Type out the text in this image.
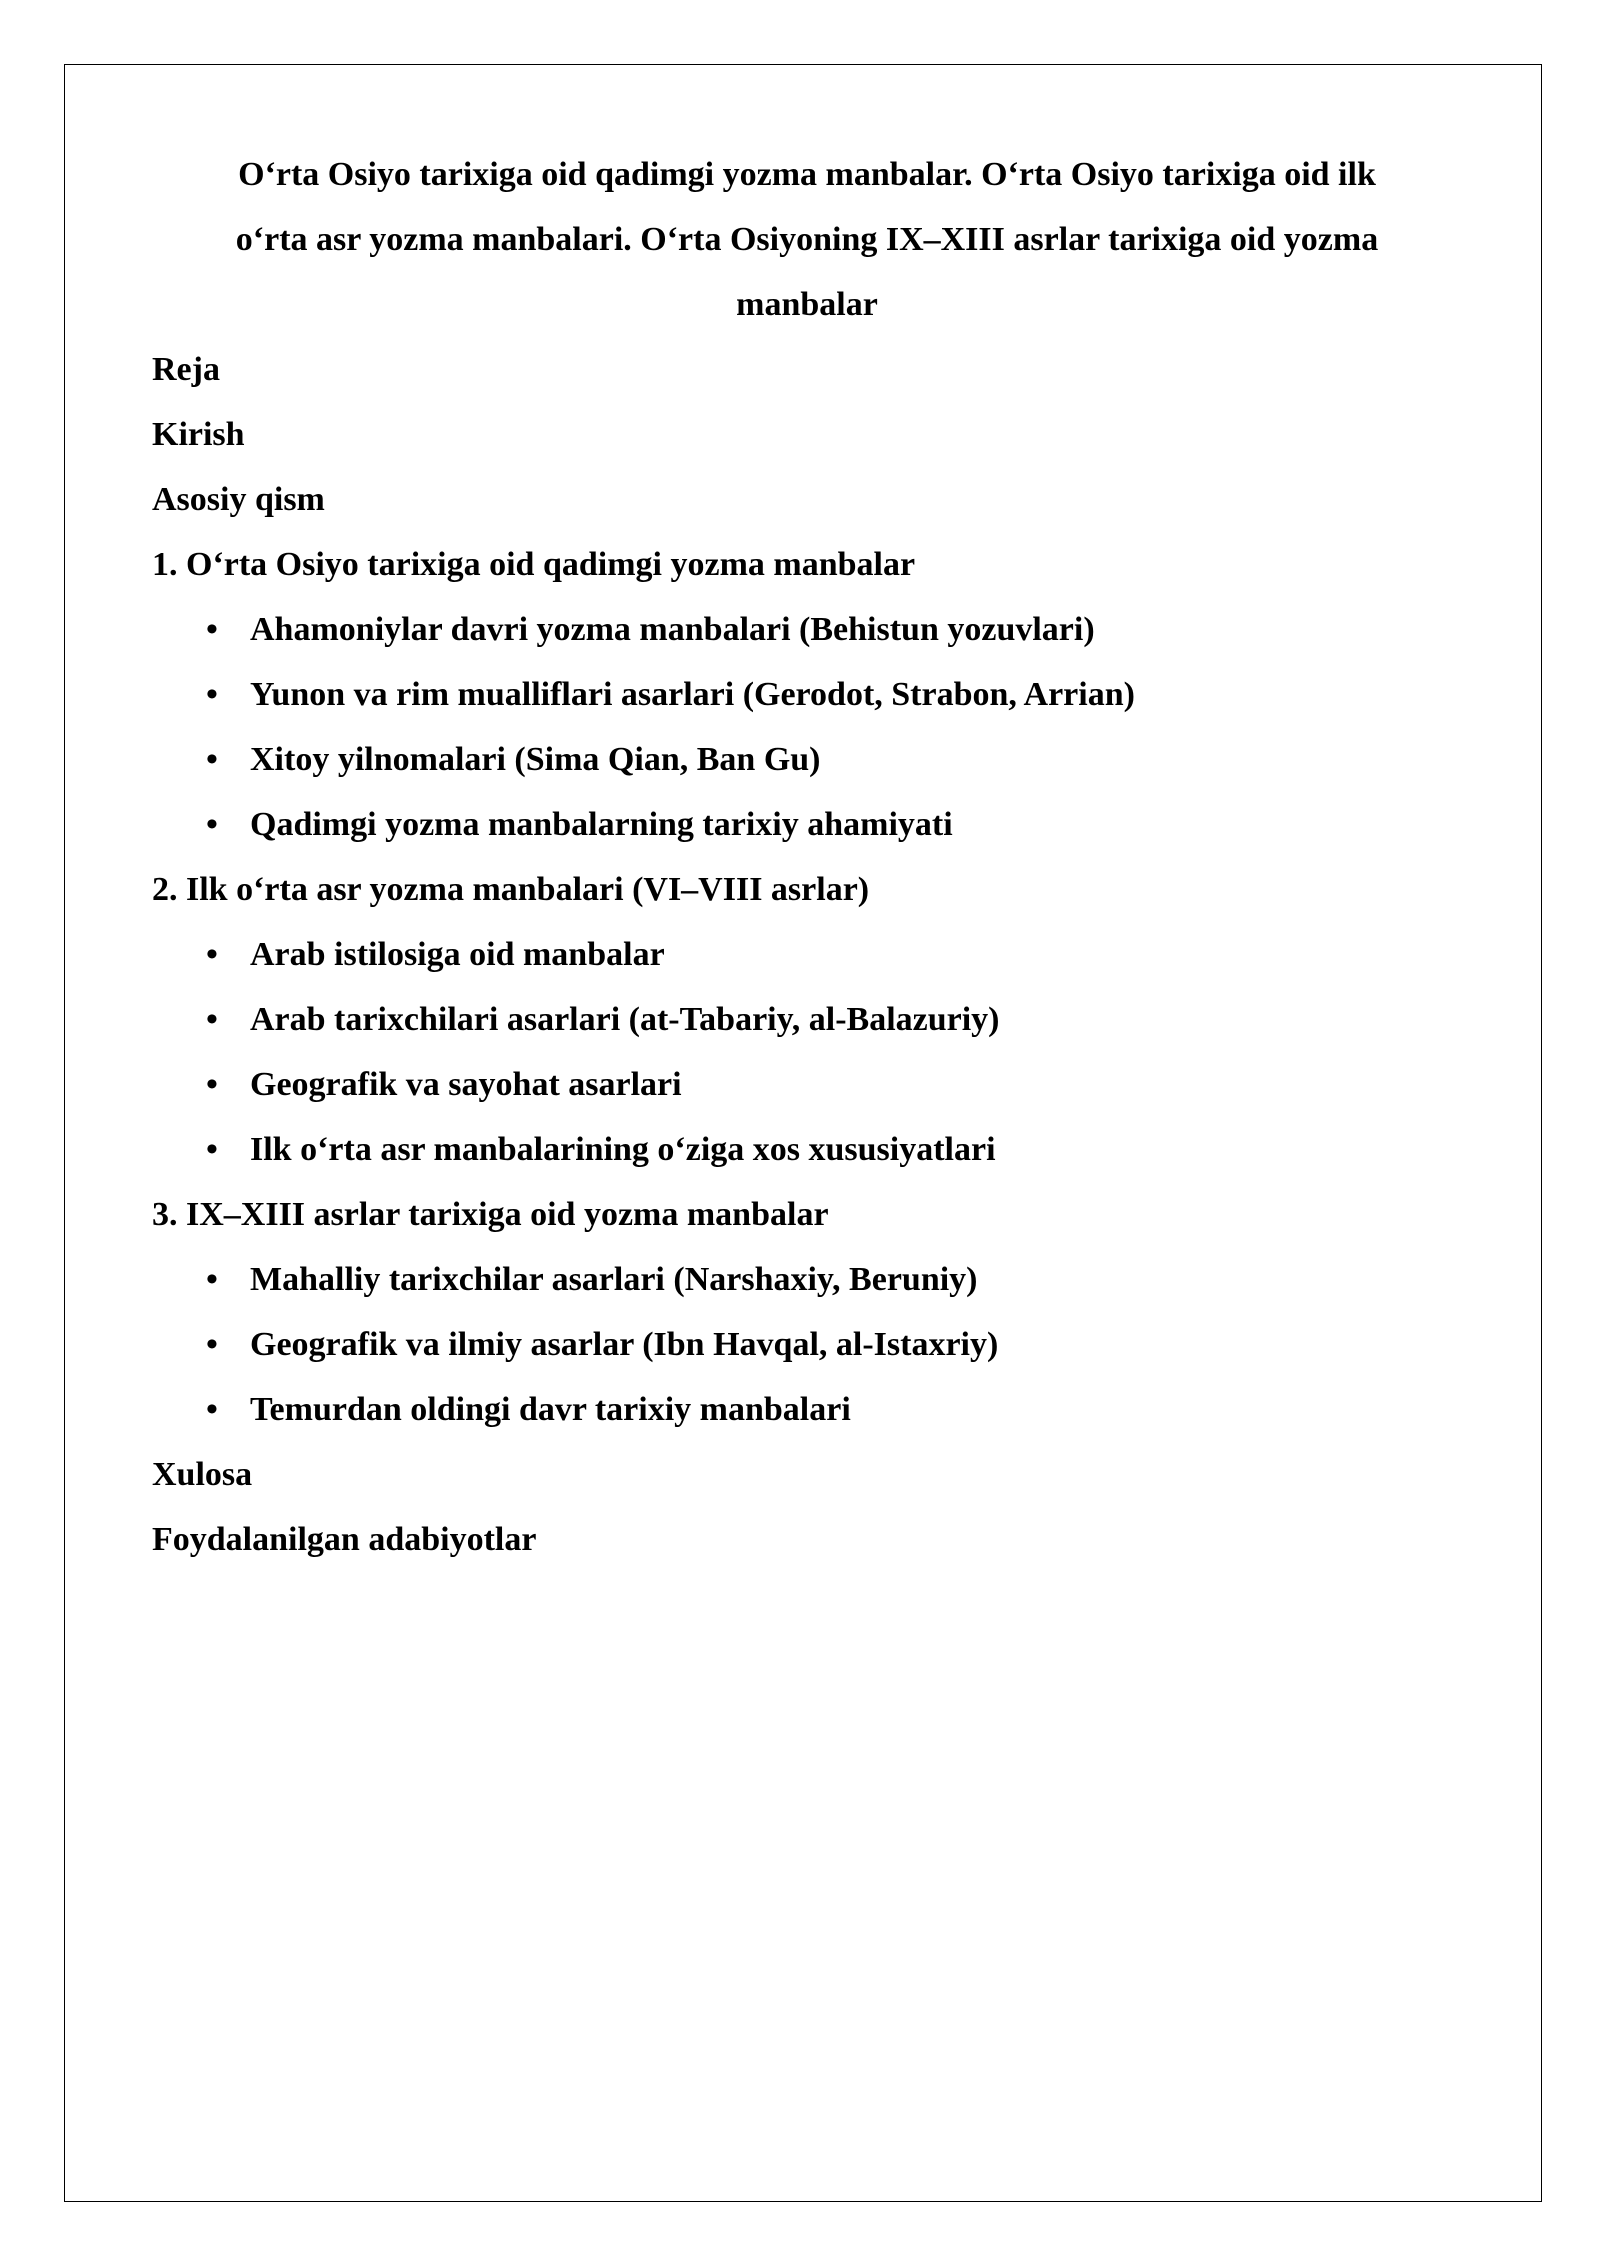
O‘rta Osiyo tarixiga oid qadimgi yozma manbalar. O‘rta Osiyo tarixiga oid ilk
o‘rta asr yozma manbalari. O‘rta Osiyoning IX–XIII asrlar tarixiga oid yozma
manbalar
Reja
Kirish
Asosiy qism
1. O‘rta Osiyo tarixiga oid qadimgi yozma manbalar
• Ahamoniylar davri yozma manbalari (Behistun yozuvlari)
• Yunon va rim mualliflari asarlari (Gerodot, Strabon, Arrian)
• Xitoy yilnomalari (Sima Qian, Ban Gu)
• Qadimgi yozma manbalarning tarixiy ahamiyati
2. Ilk o‘rta asr yozma manbalari (VI–VIII asrlar)
• Arab istilosiga oid manbalar
• Arab tarixchilari asarlari (at-Tabariy, al-Balazuriy)
• Geografik va sayohat asarlari
• Ilk o‘rta asr manbalarining o‘ziga xos xususiyatlari
3. IX–XIII asrlar tarixiga oid yozma manbalar
• Mahalliy tarixchilar asarlari (Narshaxiy, Beruniy)
• Geografik va ilmiy asarlar (Ibn Havqal, al-Istaxriy)
• Temurdan oldingi davr tarixiy manbalari
Xulosa
Foydalanilgan adabiyotlar
